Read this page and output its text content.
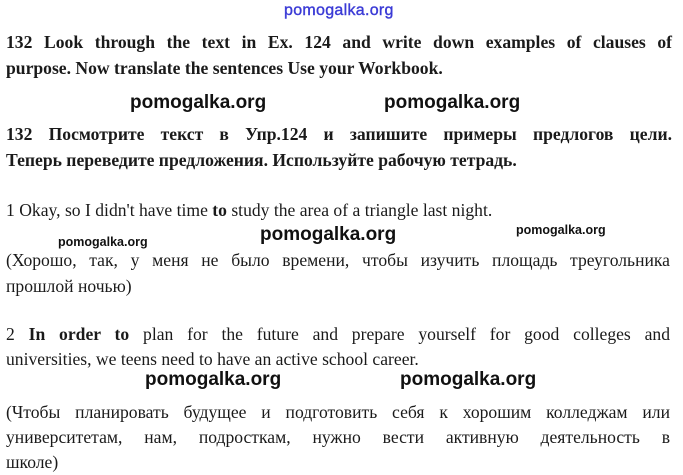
pomogalka.org
132 Look through the text in Ex. 124 and write down examples of clauses of
purpose. Now translate the sentences Use your Workbook.
pomogalka.org	pomogalka.org
132 Посмотрите текст в Упр.124 и запишите примеры предлогов цели.
Теперь переведите предложения. Используйте рабочую тетрадь.
1 Okay, so I didn't have time to study the area of a triangle last night.
pomogalka.org	pomogalka.org	pomogalka.org
(Хорошо, так, у меня не было времени, чтобы изучить площадь треугольника
прошлой ночью)
2 In order to plan for the future and prepare yourself for good colleges and
universities, we teens need to have an active school career.
pomogalka.org	pomogalka.org
(Чтобы планировать будущее и подготовить себя к хорошим колледжам или
университетам, нам, подросткам, нужно вести активную деятельность в
школе)
